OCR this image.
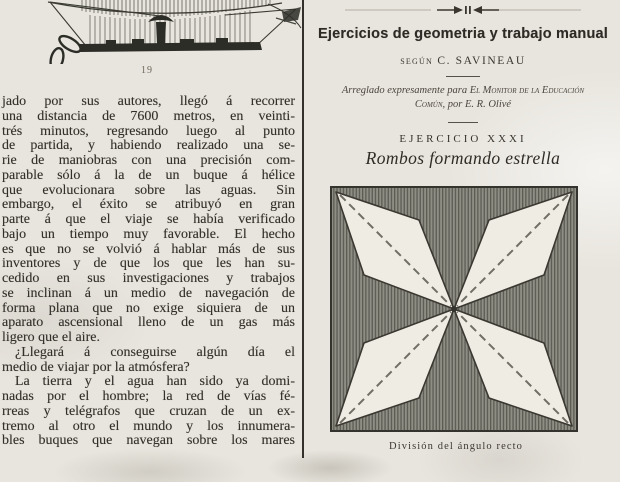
19
jado por sus autores, llegó á recorrer
una distancia de 7600 metros, en veinti-
trés minutos, regresando luego al punto
de partida, y habiendo realizado una se-
rie de maniobras con una precisión com-
parable sólo á la de un buque á hélice
que evolucionara sobre las aguas. Sin
embargo, el éxito se atribuyó en gran
parte á que el viaje se había verificado
bajo un tiempo muy favorable. El hecho
es que no se volvió á hablar más de sus
inventores y de que los que les han su-
cedido en sus investigaciones y trabajos
se inclinan á un medio de navegación de
forma plana que no exige siquiera de un
aparato ascensional lleno de un gas más
ligero que el aire.
¿Llegará á conseguirse algún día el
medio de viajar por la atmósfera?
La tierra y el agua han sido ya domi-
nadas por el hombre; la red de vías fé-
rreas y telégrafos que cruzan de un ex-
tremo al otro el mundo y los innumera-
bles buques que navegan sobre los mares
Ejercicios de geometria y trabajo manual
según C. SAVINEAU
Arreglado expresamente para El Monitor de la Educación
Común, por E. R. Olivé
EJERCICIO XXXI
Rombos formando estrella
División del ángulo recto
